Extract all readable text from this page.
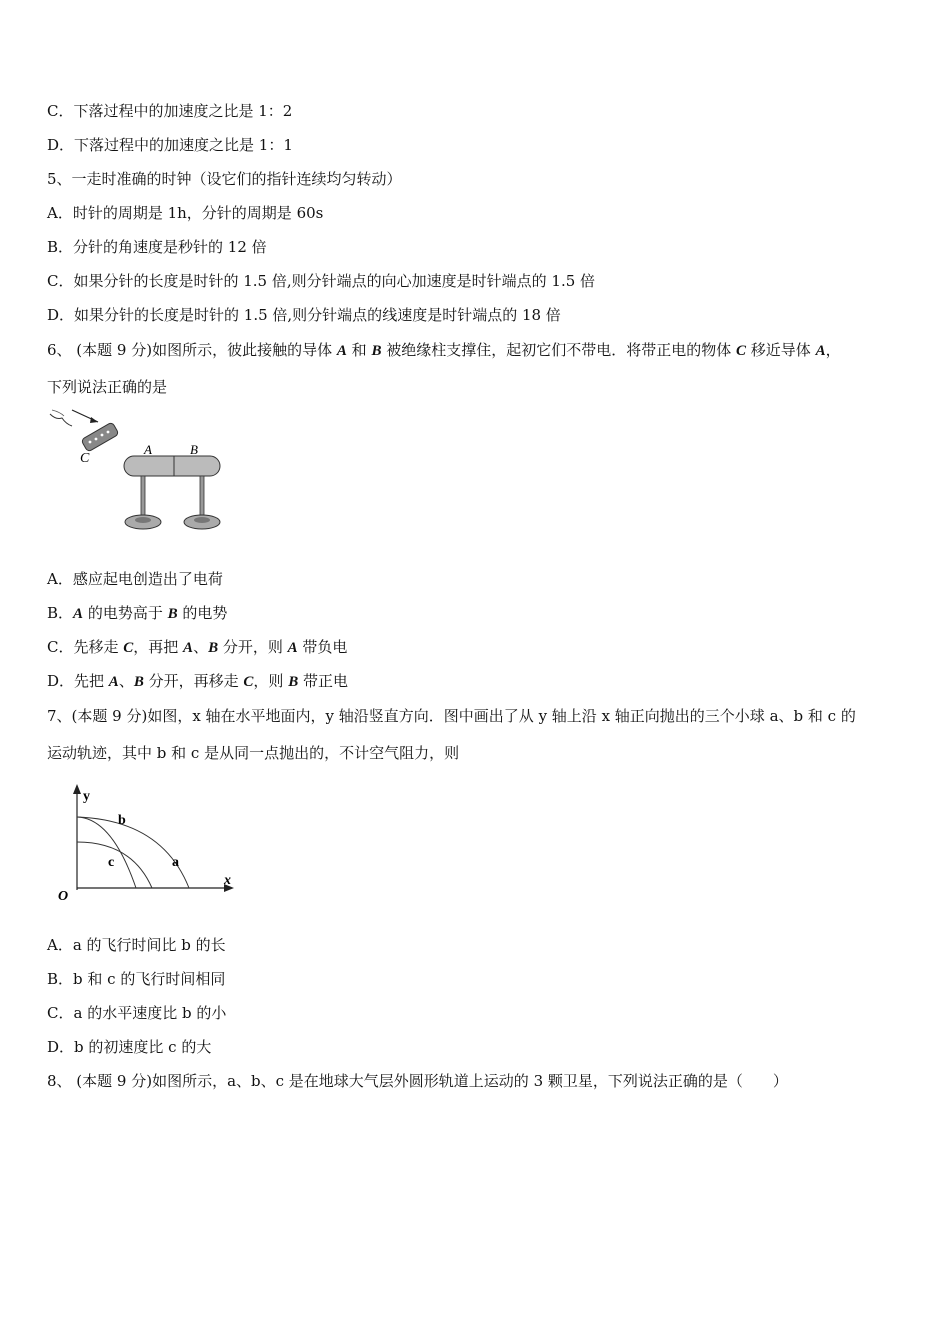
C．下落过程中的加速度之比是 1：2
D．下落过程中的加速度之比是 1：1
5、一走时准确的时钟（设它们的指针连续均匀转动）
A．时针的周期是 1h，分针的周期是 60s
B．分针的角速度是秒针的 12 倍
C．如果分针的长度是时针的 1.5 倍,则分针端点的向心加速度是时针端点的 1.5 倍
D．如果分针的长度是时针的 1.5 倍,则分针端点的线速度是时针端点的 18 倍
6、 (本题 9 分)如图所示，彼此接触的导体 A 和 B 被绝缘柱支撑住，起初它们不带电．将带正电的物体 C 移近导体 A，
下列说法正确的是
C
A	B
A．感应起电创造出了电荷
B．A 的电势高于 B 的电势
C．先移走 C，再把 A、B 分开，则 A 带负电
D．先把 A、B 分开，再移走 C，则 B 带正电
7、(本题 9 分)如图，x 轴在水平地面内，y 轴沿竖直方向．图中画出了从 y 轴上沿 x 轴正向抛出的三个小球 a、b 和 c 的
运动轨迹，其中 b 和 c 是从同一点抛出的，不计空气阻力，则
y
x
O
b
c	a
A．a 的飞行时间比 b 的长
B．b 和 c 的飞行时间相同
C．a 的水平速度比 b 的小
D．b 的初速度比 c 的大
8、 (本题 9 分)如图所示，a、b、c 是在地球大气层外圆形轨道上运动的 3 颗卫星，下列说法正确的是（　　）
